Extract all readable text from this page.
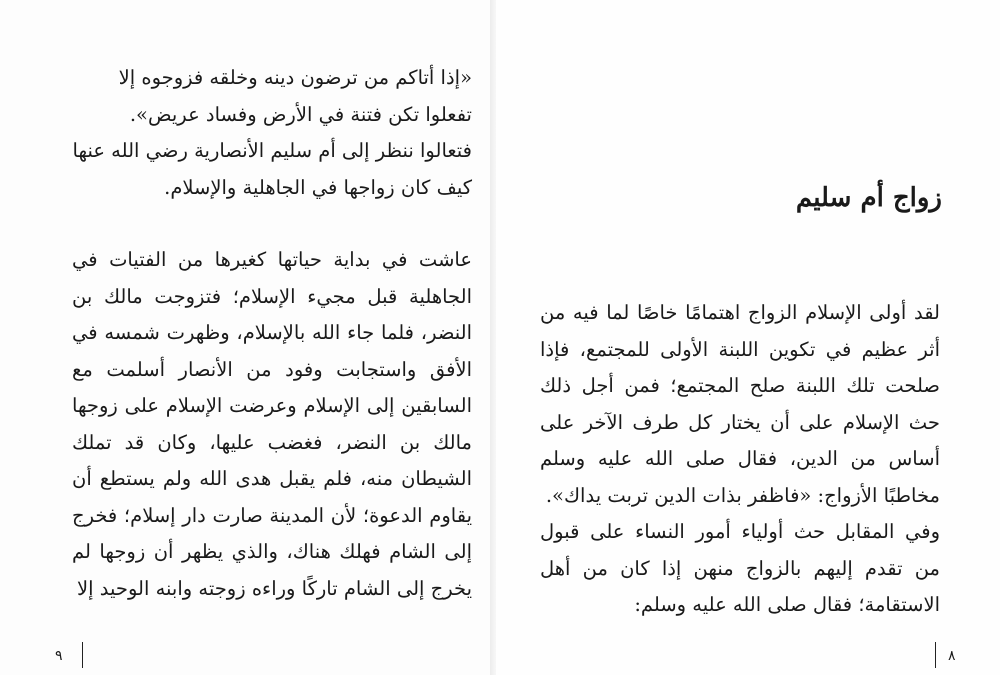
«إذا أتاكم من ترضون دينه وخلقه فزوجوه إلا

تفعلوا تكن فتنة في الأرض وفساد عريض».

فتعالوا ننظر إلى أم سليم الأنصارية رضي الله عنها

كيف كان زواجها في الجاهلية والإسلام.

عاشت في بداية حياتها كغيرها من الفتيات في الجاهلية قبل مجيء الإسلام؛ فتزوجت مالك بن النضر، فلما جاء الله بالإسلام، وظهرت شمسه في الأفق واستجابت وفود من الأنصار أسلمت مع السابقين إلى الإسلام وعرضت الإسلام على زوجها مالك بن النضر، فغضب عليها، وكان قد تملك الشيطان منه، فلم يقبل هدى الله ولم يستطع أن يقاوم الدعوة؛ لأن المدينة صارت دار إسلام؛ فخرج إلى الشام فهلك هناك، والذي يظهر أن زوجها لم يخرج إلى الشام تاركًا وراءه زوجته وابنه الوحيد إلا

٩
زواج أم سليم

لقد أولى الإسلام الزواج اهتمامًا خاصًا لما فيه من أثر عظيم في تكوين اللبنة الأولى للمجتمع، فإذا صلحت تلك اللبنة صلح المجتمع؛ فمن أجل ذلك حث الإسلام على أن يختار كل طرف الآخر على أساس من الدين، فقال صلى الله عليه وسلم مخاطبًا الأزواج: «فاظفر بذات الدين تربت يداك».

وفي المقابل حث أولياء أمور النساء على قبول من تقدم إليهم بالزواج منهن إذا كان من أهل الاستقامة؛ فقال صلى الله عليه وسلم:

٨
